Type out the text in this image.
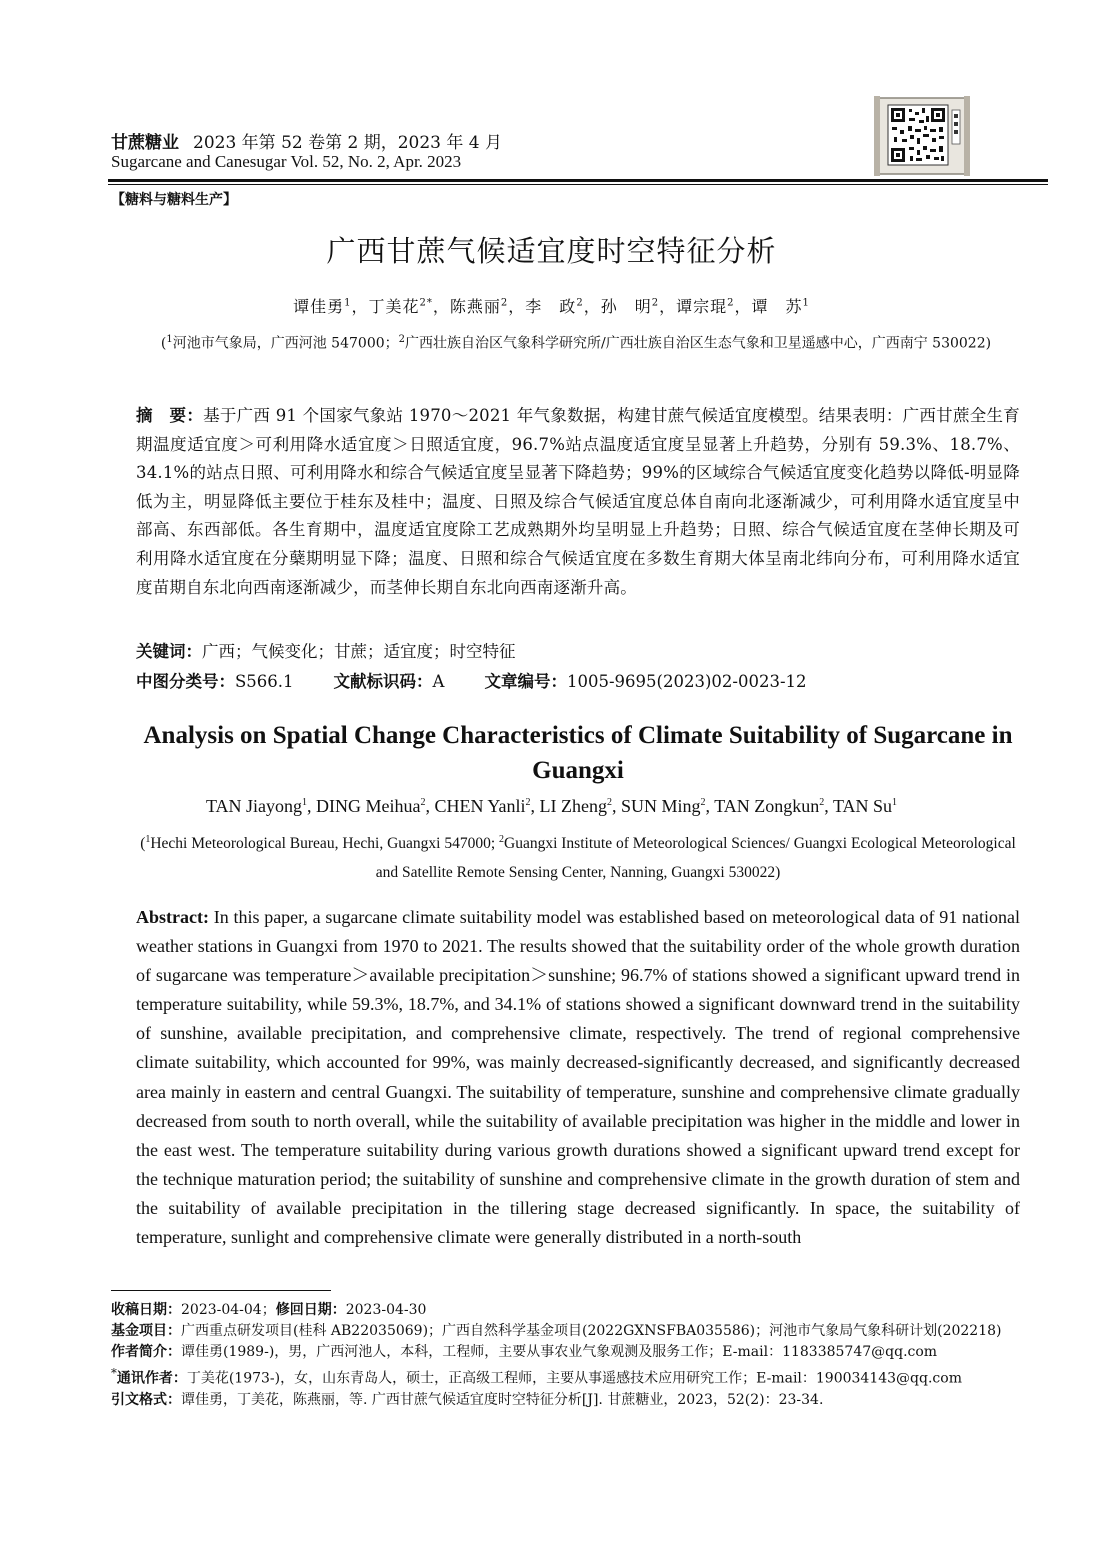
甘蔗糖业 2023 年第 52 卷第 2 期，2023 年 4 月
Sugarcane and Canesugar Vol. 52, No. 2, Apr. 2023
【糖料与糖料生产】
广西甘蔗气候适宜度时空特征分析
谭佳勇$^1$，丁美花$^{2*}$，陈燕丽$^2$，李　政$^2$，孙　明$^2$，谭宗琨$^2$，谭　苏$^1$
($^1$河池市气象局，广西河池 547000；$^2$广西壮族自治区气象科学研究所/广西壮族自治区生态气象和卫星遥感中心，广西南宁 530022)
摘　要：基于广西 91 个国家气象站 1970～2021 年气象数据，构建甘蔗气候适宜度模型。结果表明：广西甘蔗全生育期温度适宜度＞可利用降水适宜度＞日照适宜度，96.7%站点温度适宜度呈显著上升趋势，分别有 59.3%、18.7%、34.1%的站点日照、可利用降水和综合气候适宜度呈显著下降趋势；99%的区域综合气候适宜度变化趋势以降低-明显降低为主，明显降低主要位于桂东及桂中；温度、日照及综合气候适宜度总体自南向北逐渐减少，可利用降水适宜度呈中部高、东西部低。各生育期中，温度适宜度除工艺成熟期外均呈明显上升趋势；日照、综合气候适宜度在茎伸长期及可利用降水适宜度在分蘖期明显下降；温度、日照和综合气候适宜度在多数生育期大体呈南北纬向分布，可利用降水适宜度苗期自东北向西南逐渐减少，而茎伸长期自东北向西南逐渐升高。
关键词：广西；气候变化；甘蔗；适宜度；时空特征
中图分类号：S566.1 文献标识码：A 文章编号：1005-9695(2023)02-0023-12
Analysis on Spatial Change Characteristics of Climate Suitability of Sugarcane in Guangxi
TAN Jiayong$^1$, DING Meihua$^2$, CHEN Yanli$^2$, LI Zheng$^2$, SUN Ming$^2$, TAN Zongkun$^2$, TAN Su$^1$
($^1$Hechi Meteorological Bureau, Hechi, Guangxi 547000; $^2$Guangxi Institute of Meteorological Sciences/ Guangxi Ecological Meteorological and Satellite Remote Sensing Center, Nanning, Guangxi 530022)
Abstract: In this paper, a sugarcane climate suitability model was established based on meteorological data of 91 national weather stations in Guangxi from 1970 to 2021. The results showed that the suitability order of the whole growth duration of sugarcane was temperature＞available precipitation＞sunshine; 96.7% of stations showed a significant upward trend in temperature suitability, while 59.3%, 18.7%, and 34.1% of stations showed a significant downward trend in the suitability of sunshine, available precipitation, and comprehensive climate, respectively. The trend of regional comprehensive climate suitability, which accounted for 99%, was mainly decreased-significantly decreased, and significantly decreased area mainly in eastern and central Guangxi. The suitability of temperature, sunshine and comprehensive climate gradually decreased from south to north overall, while the suitability of available precipitation was higher in the middle and lower in the east west. The temperature suitability during various growth durations showed a significant upward trend except for the technique maturation period; the suitability of sunshine and comprehensive climate in the growth duration of stem and the suitability of available precipitation in the tillering stage decreased significantly. In space, the suitability of temperature, sunlight and comprehensive climate were generally distributed in a north-south
收稿日期：2023-04-04；修回日期：2023-04-30
基金项目：广西重点研发项目(桂科 AB22035069)；广西自然科学基金项目(2022GXNSFBA035586)；河池市气象局气象科研计划(202218)
作者简介：谭佳勇(1989-)，男，广西河池人，本科，工程师，主要从事农业气象观测及服务工作；E-mail：1183385747@qq.com
*通讯作者：丁美花(1973-)，女，山东青岛人，硕士，正高级工程师，主要从事遥感技术应用研究工作；E-mail：190034143@qq.com
引文格式：谭佳勇，丁美花，陈燕丽，等. 广西甘蔗气候适宜度时空特征分析[J]. 甘蔗糖业，2023，52(2)：23-34.
